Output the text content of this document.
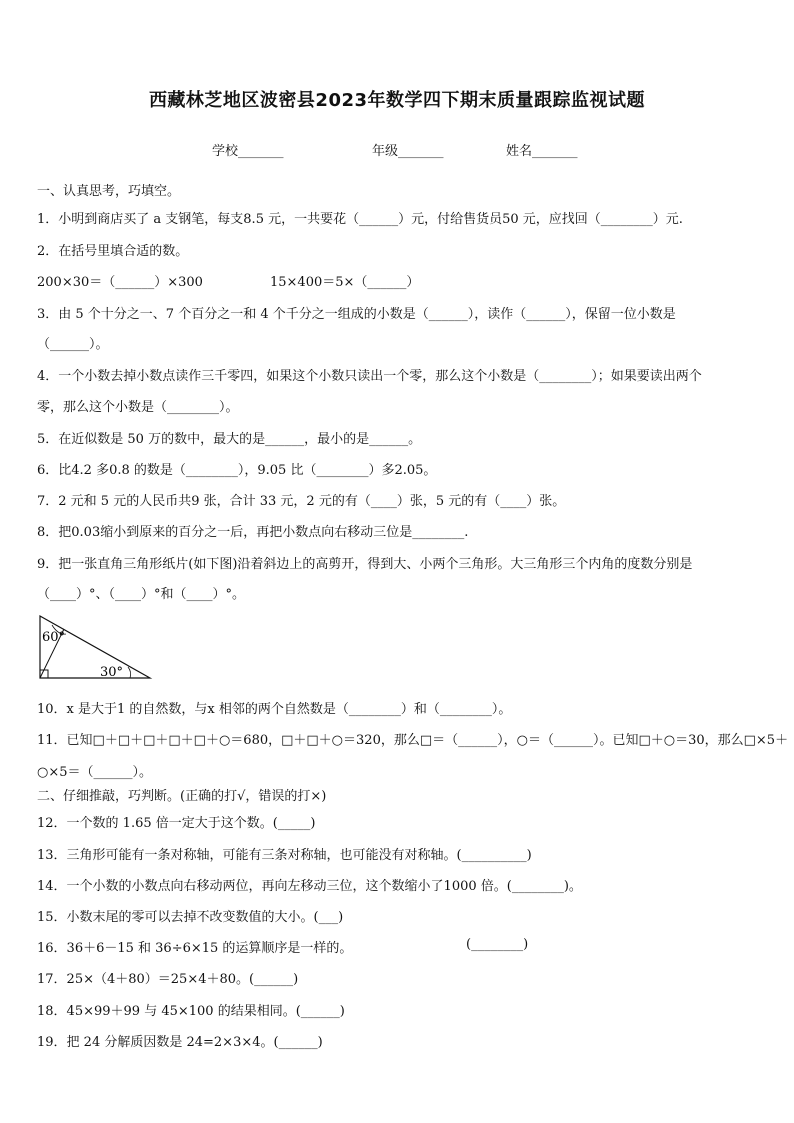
西藏林芝地区波密县2023年数学四下期末质量跟踪监视试题
学校_______	年级_______	姓名_______
一、认真思考，巧填空。
1．小明到商店买了 a 支钢笔，每支8.5 元，一共要花（______）元，付给售货员50 元，应找回（________）元.
2．在括号里填合适的数。
200×30＝（______）×300	15×400＝5×（______）
3．由 5 个十分之一、7 个百分之一和 4 个千分之一组成的小数是（______），读作（______），保留一位小数是
（______）。
4．一个小数去掉小数点读作三千零四，如果这个小数只读出一个零，那么这个小数是（________）；如果要读出两个
零，那么这个小数是（________）。
5．在近似数是 50 万的数中，最大的是______，最小的是______。
6．比4.2 多0.8 的数是（________），9.05 比（________）多2.05。
7．2 元和 5 元的人民币共9 张，合计 33 元，2 元的有（____）张，5 元的有（____）张。
8．把0.03缩小到原来的百分之一后，再把小数点向右移动三位是________.
9．把一张直角三角形纸片(如下图)沿着斜边上的高剪开，得到大、小两个三角形。大三角形三个内角的度数分别是
（____）°、（____）°和（____）°。
60°
30°
10．x 是大于1 的自然数，与x 相邻的两个自然数是（________）和（________）。
11．已知□＋□＋□＋□＋□＋○＝680，□＋□＋○＝320，那么□＝（______），○＝（______）。已知□＋○＝30，那么□×5＋
○×5＝（______）。
二、仔细推敲，巧判断。(正确的打√，错误的打×)
12．一个数的 1.65 倍一定大于这个数。(_____)
13．三角形可能有一条对称轴，可能有三条对称轴，也可能没有对称轴。(__________)
14．一个小数的小数点向右移动两位，再向左移动三位，这个数缩小了1000 倍。(________)。
15．小数末尾的零可以去掉不改变数值的大小。(___)
16．36＋6－15 和 36÷6×15 的运算顺序是一样的。	(________)
17．25×（4＋80）＝25×4＋80。(______)
18．45×99＋99 与 45×100 的结果相同。(______)
19．把 24 分解质因数是 24=2×3×4。(______)
